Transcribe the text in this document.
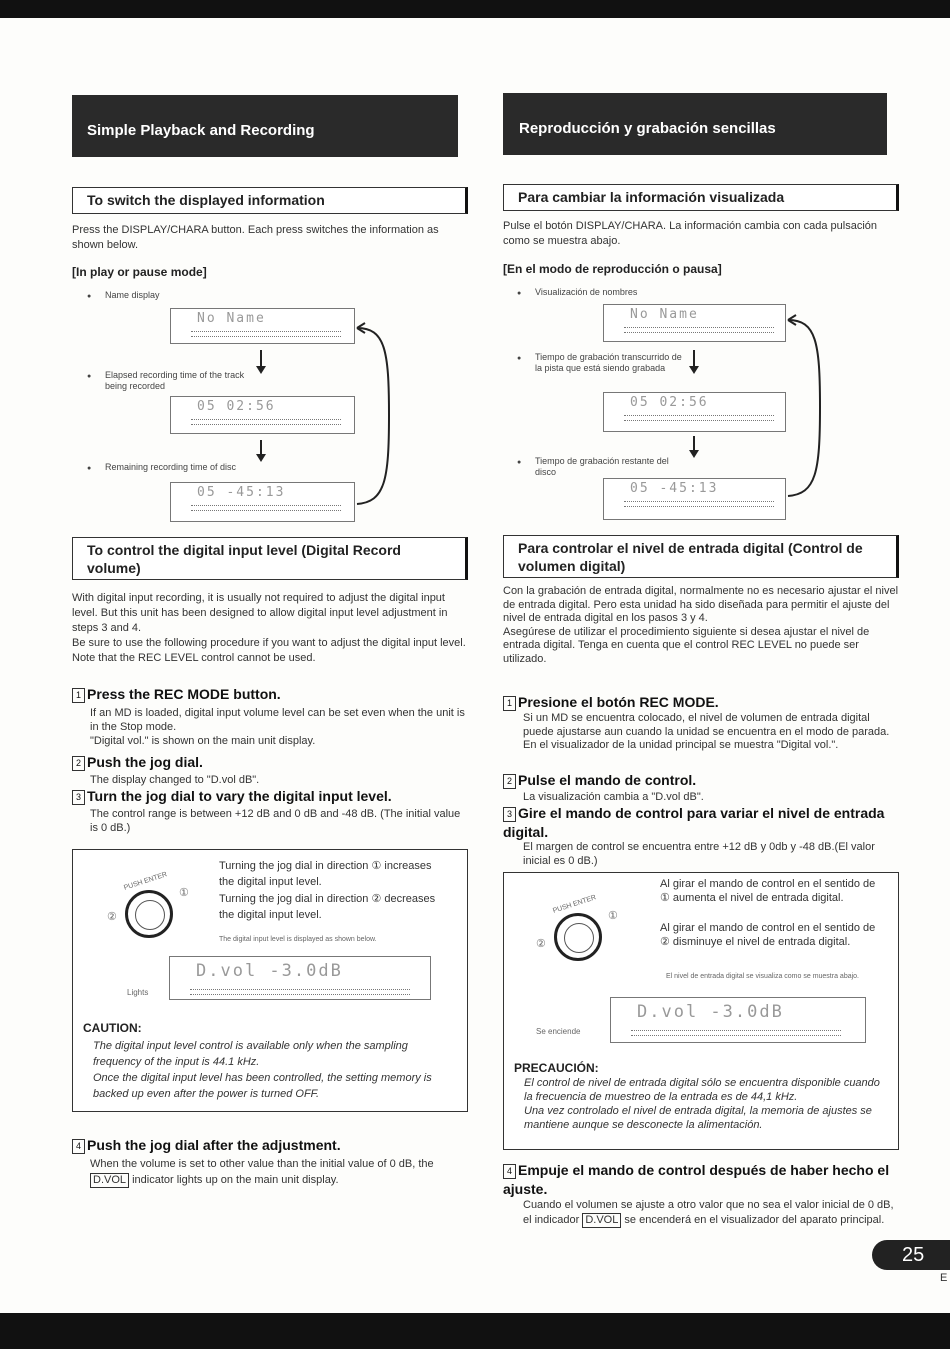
Simple Playback and Recording
To switch the displayed information
Press the DISPLAY/CHARA button. Each press switches the information as shown below.
[In play or pause mode]
● Name display
No Name
● Elapsed recording time of the track being recorded
05 02:56
● Remaining recording time of disc
05 -45:13
To control the digital input level (Digital Record volume)
With digital input recording, it is usually not required to adjust the digital input level. But this unit has been designed to allow digital input level adjustment in steps 3 and 4.
Be sure to use the following procedure if you want to adjust the digital input level. Note that the REC LEVEL control cannot be used.
1 Press the REC MODE button.
If an MD is loaded, digital input volume level can be set even when the unit is in the Stop mode.
"Digital vol." is shown on the main unit display.
2 Push the jog dial.
The display changed to "D.vol dB".
3 Turn the jog dial to vary the digital input level.
The control range is between +12 dB and 0 dB and -48 dB. (The initial value is 0 dB.)
PUSH ENTER
①
②
Turning the jog dial in direction ① increases the digital input level.
Turning the jog dial in direction ② decreases the digital input level.
The digital input level is displayed as shown below.
D.vol -3.0dB
Lights
CAUTION:
The digital input level control is available only when the sampling frequency of the input is 44.1 kHz.
Once the digital input level has been controlled, the setting memory is backed up even after the power is turned OFF.
4 Push the jog dial after the adjustment.
When the volume is set to other value than the initial value of 0 dB, the D.VOL indicator lights up on the main unit display.
Reproducción y grabación sencillas
Para cambiar la información visualizada
Pulse el botón DISPLAY/CHARA. La información cambia con cada pulsación como se muestra abajo.
[En el modo de reproducción o pausa]
● Visualización de nombres
No Name
● Tiempo de grabación transcurrido de la pista que está siendo grabada
05 02:56
● Tiempo de grabación restante del disco
05 -45:13
Para controlar el nivel de entrada digital (Control de volumen digital)
Con la grabación de entrada digital, normalmente no es necesario ajustar el nivel de entrada digital. Pero esta unidad ha sido diseñada para permitir el ajuste del nivel de entrada digital en los pasos 3 y 4.
Asegúrese de utilizar el procedimiento siguiente si desea ajustar el nivel de entrada digital. Tenga en cuenta que el control REC LEVEL no puede ser utilizado.
1 Presione el botón REC MODE.
Si un MD se encuentra colocado, el nivel de volumen de entrada digital puede ajustarse aun cuando la unidad se encuentra en el modo de parada.
En el visualizador de la unidad principal se muestra "Digital vol.".
2 Pulse el mando de control.
La visualización cambia a "D.vol dB".
3 Gire el mando de control para variar el nivel de entrada digital.
El margen de control se encuentra entre +12 dB y 0db y -48 dB.(El valor inicial es 0 dB.)
PUSH ENTER
①
②
Al girar el mando de control en el sentido de ① aumenta el nivel de entrada digital.
Al girar el mando de control en el sentido de ② disminuye el nivel de entrada digital.
El nivel de entrada digital se visualiza como se muestra abajo.
D.vol -3.0dB
Se enciende
PRECAUCIÓN:
El control de nivel de entrada digital sólo se encuentra disponible cuando la frecuencia de muestreo de la entrada es de 44,1 kHz.
Una vez controlado el nivel de entrada digital, la memoria de ajustes se mantiene aunque se desconecte la alimentación.
4 Empuje el mando de control después de haber hecho el ajuste.
Cuando el volumen se ajuste a otro valor que no sea el valor inicial de 0 dB, el indicador D.VOL se encenderá en el visualizador del aparato principal.
25
E
